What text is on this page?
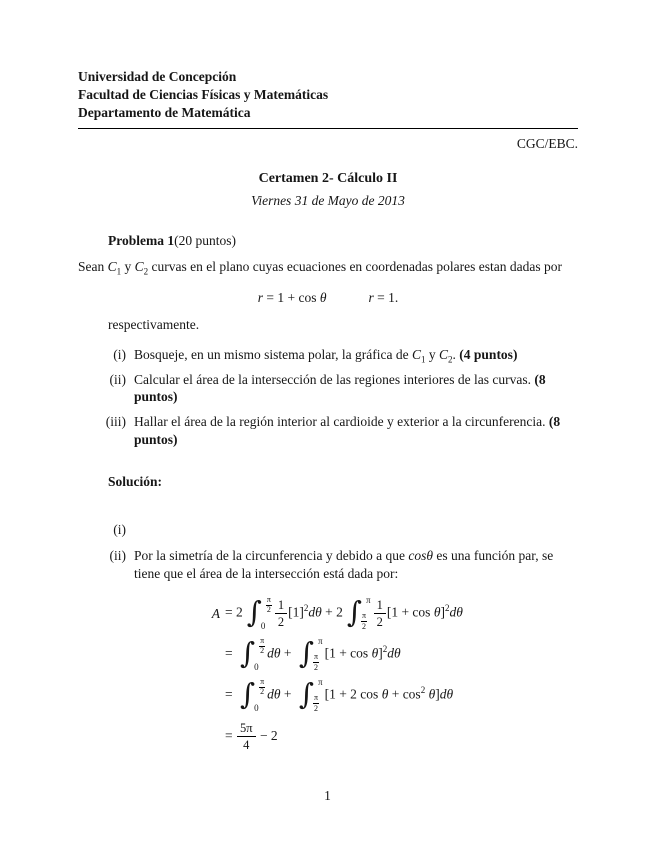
Universidad de Concepción
Facultad de Ciencias Físicas y Matemáticas
Departamento de Matemática
CGC/EBC.
Certamen 2- Cálculo II
Viernes 31 de Mayo de 2013
Problema 1(20 puntos)
Sean $C_1$ y $C_2$ curvas en el plano cuyas ecuaciones en coordenadas polares estan dadas por
r = 1 + cos θ	r = 1.
respectivamente.
(i) Bosqueje, en un mismo sistema polar, la gráfica de $C_1$ y $C_2$. (4 puntos)
(ii) Calcular el área de la intersección de las regiones interiores de las curvas. (8 puntos)
(iii) Hallar el área de la región interior al cardioide y exterior a la circunferencia. (8 puntos)
Solución:
(i)
(ii) Por la simetría de la circunferencia y debido a que cosθ es una función par, se tiene que el área de la intersección está dada por:
A = 2 ∫ $\frac{\pi}{2}$
$0 \frac{1}{2} [1]^2d\theta + 2$ ∫ π
$\frac{\pi}{2} \frac{1}{2} [1 + \cos \theta]^2d\theta$
= ∫ $\frac{\pi}{2}$
0
dθ + ∫ π
$\frac{\pi}{2}$
$[1 + \cos \theta]^2d\theta$
= ∫ $\frac{\pi}{2}$
0
dθ + ∫ π
$\frac{\pi}{2}$
[1 + 2 $\cos \theta + \cos^2 \theta]d\theta$
= $\frac{5\pi}{4} - 2$
1
